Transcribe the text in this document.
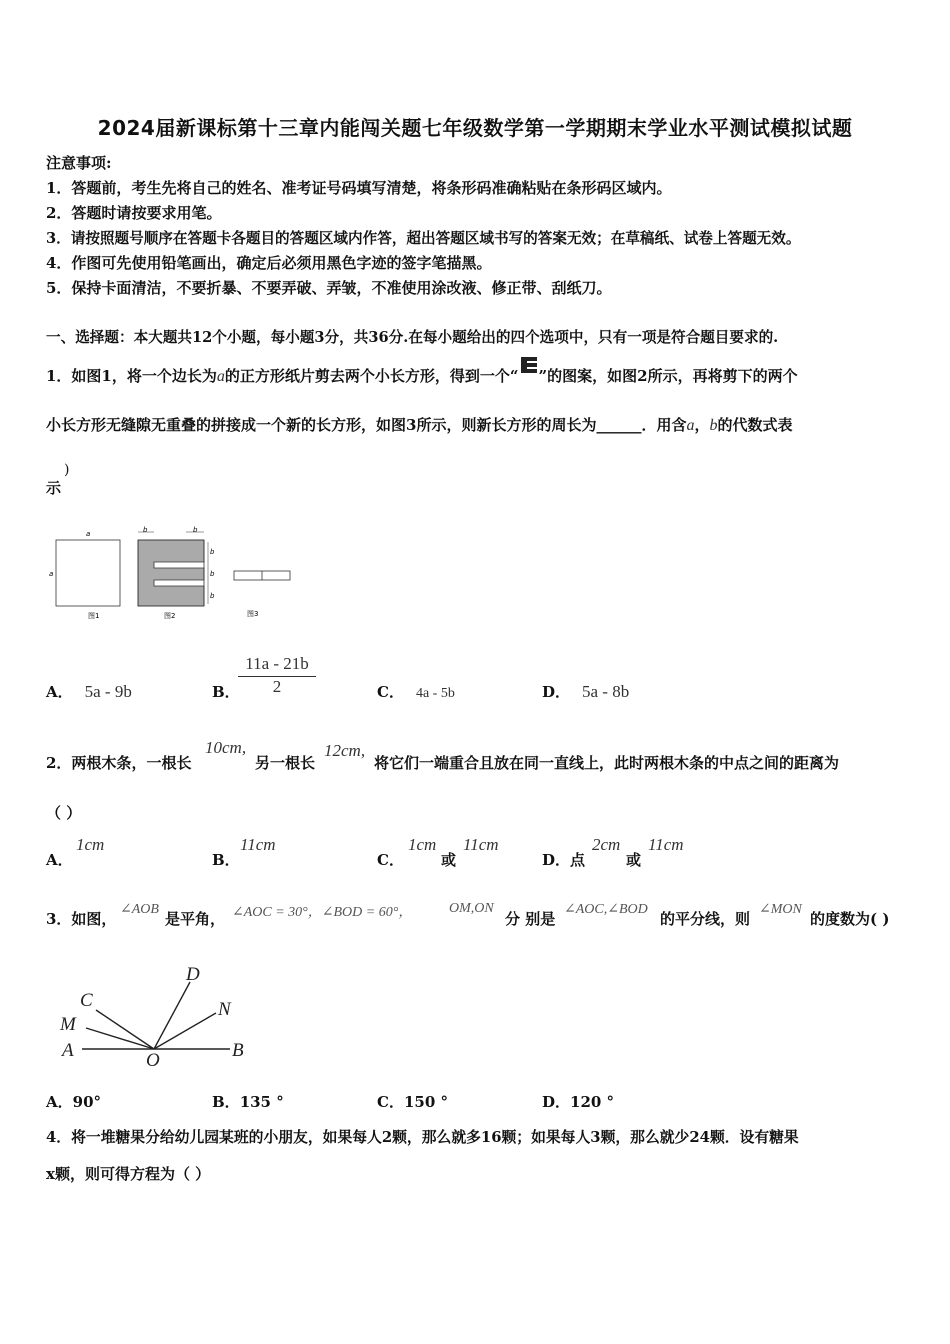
2024届新课标第十三章内能闯关题七年级数学第一学期期末学业水平测试模拟试题
注意事项:
1．答题前，考生先将自己的姓名、准考证号码填写清楚，将条形码准确粘贴在条形码区域内。
2．答题时请按要求用笔。
3．请按照题号顺序在答题卡各题目的答题区域内作答，超出答题区域书写的答案无效；在草稿纸、试卷上答题无效。
4．作图可先使用铅笔画出，确定后必须用黑色字迹的签字笔描黑。
5．保持卡面清洁，不要折暴、不要弄破、弄皱，不准使用涂改液、修正带、刮纸刀。
一、选择题：本大题共12个小题，每小题3分，共36分.在每小题给出的四个选项中，只有一项是符合题目要求的.
1．如图1，将一个边长为a的正方形纸片剪去两个小长方形，得到一个“ ”的图案，如图2所示，再将剪下的两个
小长方形无缝隙无重叠的拼接成一个新的长方形，如图3所示，则新长方形的周长为______．用含a，b的代数式表
示
)
a
a
图1
b	b
b
b
b
图2	图3
A． 5a - 9b	B．
$\frac{11a - 21b}{2}$	C． 4a - 5b	D． 5a - 8b
2．两根木条，一根长
10cm,
另一根长
12cm,
将它们一端重合且放在同一直线上，此时两根木条的中点之间的距离为
（ ）
A．
1cm
B．
11cm
C．
1cm
或
11cm
D．点
2cm
或
11cm
3．如图，
∠AOB
是平角， ∠AOC = 30°，∠BOD = 60°，	OM,ON
分 别是
∠AOC,∠BOD
的平分线，则
∠MON
的度数为( )
A
M
C
D
N
O	B
A．90°	B．135 °	C．150 °	D．120 °
4．将一堆糖果分给幼儿园某班的小朋友，如果每人2颗，那么就多16颗；如果每人3颗，那么就少24颗．设有糖果
x颗，则可得方程为（ ）
